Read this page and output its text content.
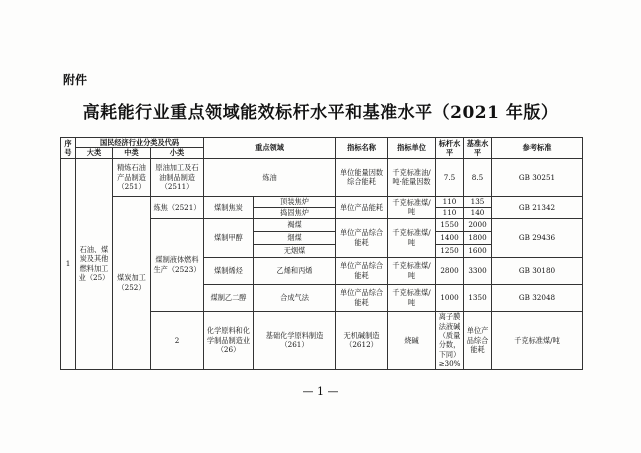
附件
高耗能行业重点领域能效标杆水平和基准水平（2021 年版）
序号	国民经济行业分类及代码			重点领域		指标名称	指标单位	标杆水平	基准水平	参考标准	
	大类	中类	小类								
1	石油、煤炭及其他燃料加工业（25）	精炼石油产品制造（251）	原油加工及石油制品制造（2511）	炼油		单位能量因数综合能耗	千克标准油/吨·能量因数	7.5	8.5	GB 30251	
		煤炭加工（252）	炼焦（2521）	煤制焦炭	顶装焦炉	单位产品能耗	千克标准煤/吨	110	135	GB 21342	
					捣固焦炉			110	140		
			煤制液体燃料生产（2523）	煤制甲醇	褐煤	单位产品综合能耗	千克标准煤/吨	1550	2000	GB 29436	
					烟煤			1400	1800		
					无烟煤			1250	1600		
				煤制烯烃	乙烯和丙烯	单位产品综合能耗	千克标准煤/吨	2800	3300	GB 30180	
				煤制乙二醇	合成气法	单位产品综合能耗	千克标准煤/吨	1000	1350	GB 32048	
			2	化学原料和化学制品制造业（26）	基础化学原料制造（261）	无机碱制造（2612）	烧碱	离子膜法液碱（质量分数，下同）≥30%	单位产品综合能耗	千克标准煤/吨			
— 1 —
